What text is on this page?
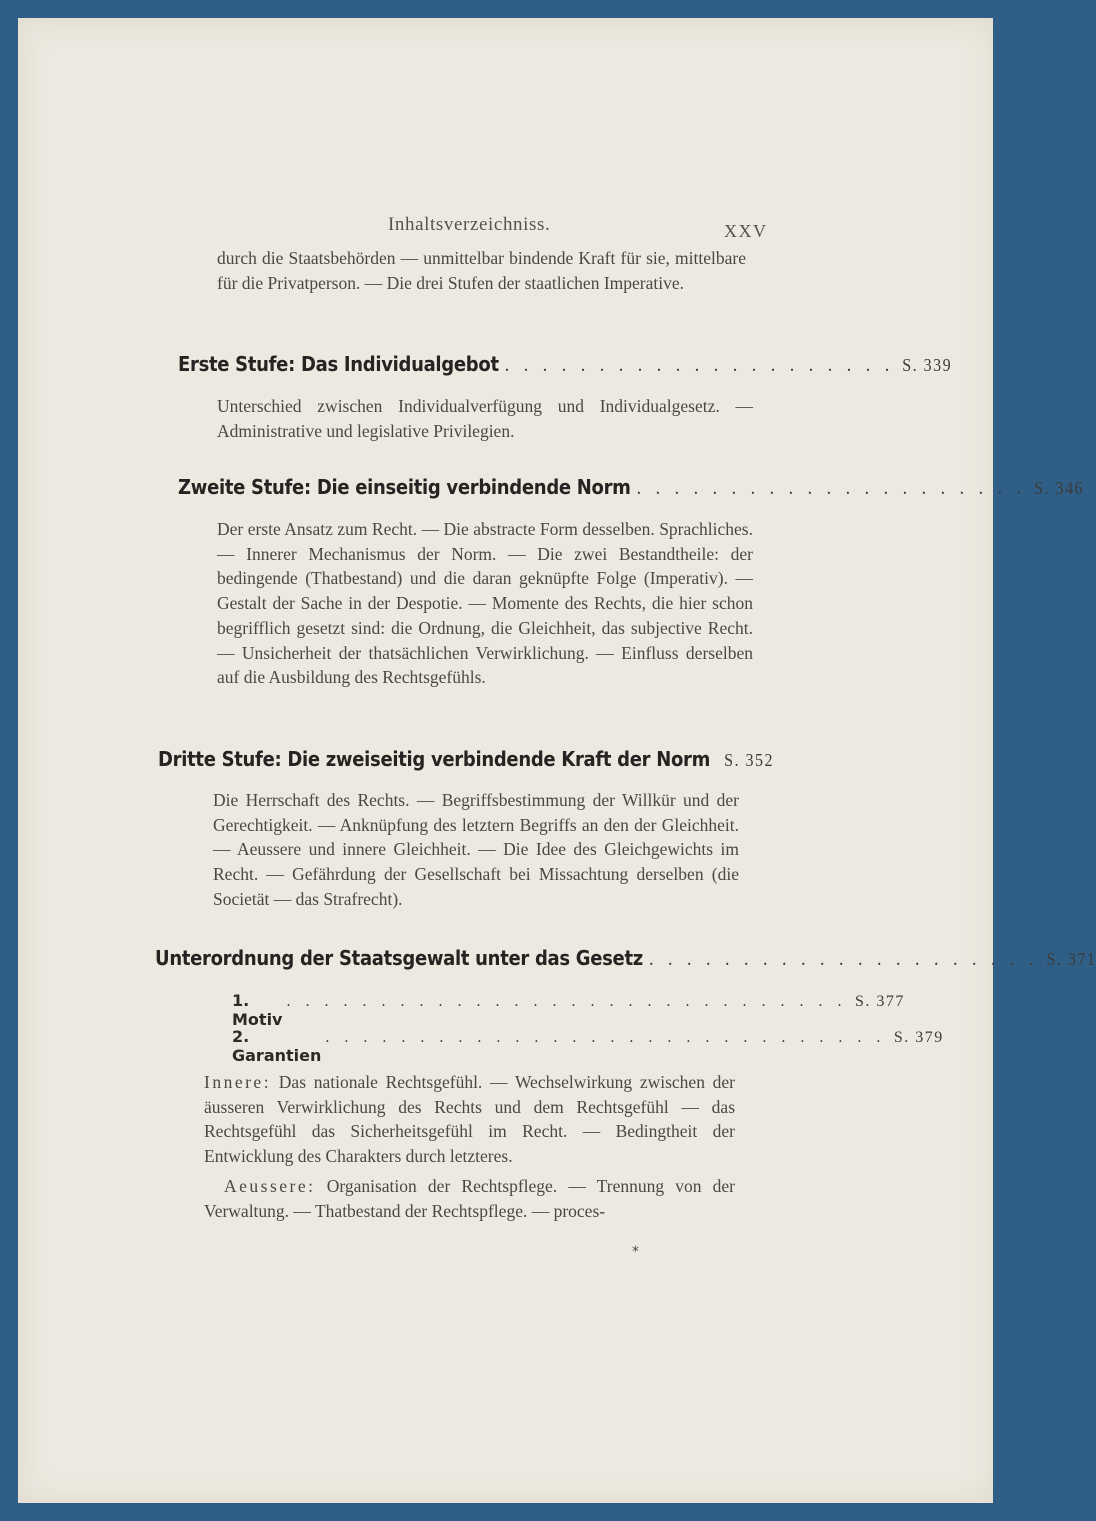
Inhaltsverzeichniss.	XXV

durch die Staatsbehörden — unmittelbar bindende Kraft für sie, mittelbare für die Privatperson. — Die drei Stufen der staatlichen Imperative.

Erste Stufe: Das Individualgebot . . . . . . . . . . . . . . . . . . . . . S. 339

Unterschied zwischen Individualverfügung und Individualgesetz. — Administrative und legislative Privilegien.

Zweite Stufe: Die einseitig verbindende Norm . . . . . . . . . . . . . . . . . . . . . S. 346

Der erste Ansatz zum Recht. — Die abstracte Form desselben. Sprachliches. — Innerer Mechanismus der Norm. — Die zwei Bestandtheile: der bedingende (Thatbestand) und die daran geknüpfte Folge (Imperativ). — Gestalt der Sache in der Despotie. — Momente des Rechts, die hier schon begrifflich gesetzt sind: die Ordnung, die Gleichheit, das subjective Recht. — Unsicherheit der thatsächlichen Verwirklichung. — Einfluss derselben auf die Ausbildung des Rechtsgefühls.

Dritte Stufe: Die zweiseitig verbindende Kraft der Norm S. 352

Die Herrschaft des Rechts. — Begriffsbestimmung der Willkür und der Gerechtigkeit. — Anknüpfung des letztern Begriffs an den der Gleichheit. — Aeussere und innere Gleichheit. — Die Idee des Gleichgewichts im Recht. — Gefährdung der Gesellschaft bei Missachtung derselben (die Societät — das Strafrecht).

Unterordnung der Staatsgewalt unter das Gesetz . . . . . . . . . . . . . . . . . . . . . S. 371
1. Motiv
. . . . . . . . . . . . . . . . . . . . . . . . . . . . . . S. 377
2. Garantien
. . . . . . . . . . . . . . . . . . . . . . . . . . . . . . S. 379

Innere: Das nationale Rechtsgefühl. — Wechselwirkung zwischen der äusseren Verwirklichung des Rechts und dem Rechtsgefühl — das Rechtsgefühl das Sicherheitsgefühl im Recht. — Bedingtheit der Entwicklung des Charakters durch letzteres.

Aeussere: Organisation der Rechtspflege. — Trennung von der Verwaltung. — Thatbestand der Rechtspflege. — proces-

*
